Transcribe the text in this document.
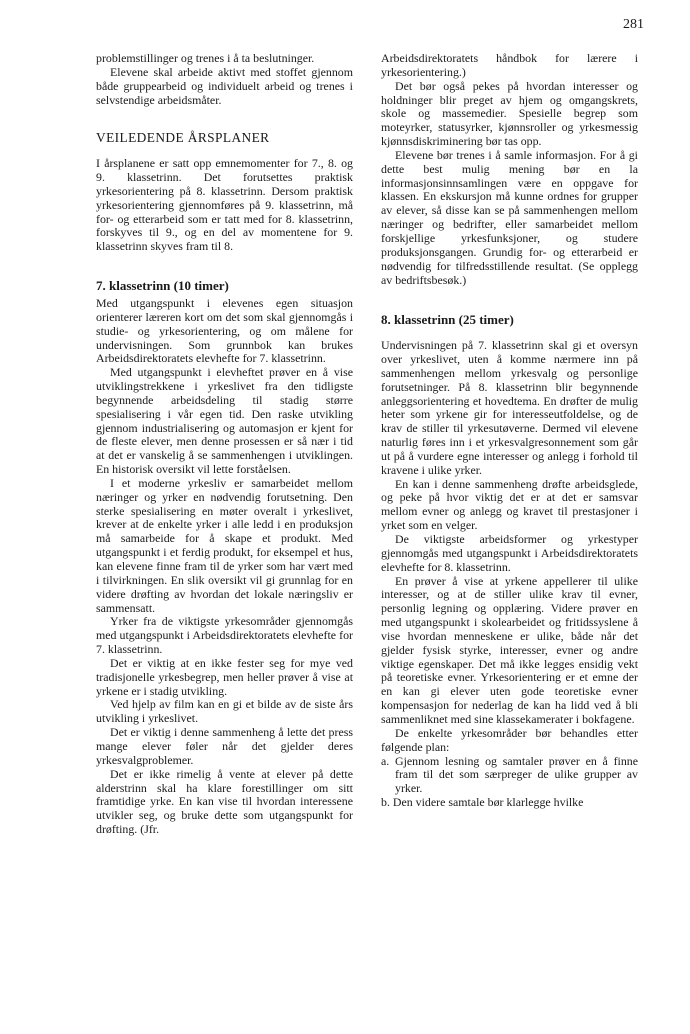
281

problemstillinger og trenes i å ta beslutninger.

Elevene skal arbeide aktivt med stoffet gjennom både gruppearbeid og individuelt arbeid og trenes i selvstendige arbeidsmåter.

VEILEDENDE ÅRSPLANER

I årsplanene er satt opp emnemomenter for 7., 8. og 9. klassetrinn. Det forutsettes praktisk yrkesorientering på 8. klassetrinn. Dersom praktisk yrkesorientering gjennomføres på 9. klassetrinn, må for- og etterarbeid som er tatt med for 8. klassetrinn, forskyves til 9., og en del av momentene for 9. klassetrinn skyves fram til 8.

7. klassetrinn (10 timer)

Med utgangspunkt i elevenes egen situasjon orienterer læreren kort om det som skal gjennomgås i studie- og yrkesorientering, og om målene for undervisningen. Som grunnbok kan brukes Arbeidsdirektoratets elevhefte for 7. klassetrinn.

Med utgangspunkt i elevheftet prøver en å vise utviklingstrekkene i yrkeslivet fra den tidligste begynnende arbeidsdeling til stadig større spesialisering i vår egen tid. Den raske utvikling gjennom industrialisering og automasjon er kjent for de fleste elever, men denne prosessen er så nær i tid at det er vanskelig å se sammenhengen i utviklingen. En historisk oversikt vil lette forståelsen.

I et moderne yrkesliv er samarbeidet mellom næringer og yrker en nødvendig forutsetning. Den sterke spesialisering en møter overalt i yrkeslivet, krever at de enkelte yrker i alle ledd i en produksjon må samarbeide for å skape et produkt. Med utgangspunkt i et ferdig produkt, for eksempel et hus, kan elevene finne fram til de yrker som har vært med i tilvirkningen. En slik oversikt vil gi grunnlag for en videre drøfting av hvordan det lokale næringsliv er sammensatt.

Yrker fra de viktigste yrkesområder gjennomgås med utgangspunkt i Arbeidsdirektoratets elevhefte for 7. klassetrinn.

Det er viktig at en ikke fester seg for mye ved tradisjonelle yrkesbegrep, men heller prøver å vise at yrkene er i stadig utvikling.

Ved hjelp av film kan en gi et bilde av de siste års utvikling i yrkeslivet.

Det er viktig i denne sammenheng å lette det press mange elever føler når det gjelder deres yrkesvalgproblemer.

Det er ikke rimelig å vente at elever på dette alderstrinn skal ha klare forestillinger om sitt framtidige yrke. En kan vise til hvordan interessene utvikler seg, og bruke dette som utgangspunkt for drøfting. (Jfr.

Arbeidsdirektoratets håndbok for lærere i yrkesorientering.)

Det bør også pekes på hvordan interesser og holdninger blir preget av hjem og omgangskrets, skole og massemedier. Spesielle begrep som moteyrker, statusyrker, kjønnsroller og yrkesmessig kjønnsdiskriminering bør tas opp.

Elevene bør trenes i å samle informasjon. For å gi dette best mulig mening bør en la informasjonsinnsamlingen være en oppgave for klassen. En ekskursjon må kunne ordnes for grupper av elever, så disse kan se på sammenhengen mellom næringer og bedrifter, eller samarbeidet mellom forskjellige yrkesfunksjoner, og studere produksjonsgangen. Grundig for- og etterarbeid er nødvendig for tilfredsstillende resultat. (Se opplegg av bedriftsbesøk.)

8. klassetrinn (25 timer)

Undervisningen på 7. klassetrinn skal gi et oversyn over yrkeslivet, uten å komme nærmere inn på sammenhengen mellom yrkesvalg og personlige forutsetninger. På 8. klassetrinn blir begynnende anleggsorientering et hovedtema. En drøfter de mulig heter som yrkene gir for interesseutfoldelse, og de krav de stiller til yrkesutøverne. Dermed vil elevene naturlig føres inn i et yrkesvalgresonnement som går ut på å vurdere egne interesser og anlegg i forhold til kravene i ulike yrker.

En kan i denne sammenheng drøfte arbeidsglede, og peke på hvor viktig det er at det er samsvar mellom evner og anlegg og kravet til prestasjoner i yrket som en velger.

De viktigste arbeidsformer og yrkestyper gjennomgås med utgangspunkt i Arbeidsdirektoratets elevhefte for 8. klassetrinn.

En prøver å vise at yrkene appellerer til ulike interesser, og at de stiller ulike krav til evner, personlig legning og opplæring. Videre prøver en med utgangspunkt i skolearbeidet og fritidssyslene å vise hvordan menneskene er ulike, både når det gjelder fysisk styrke, interesser, evner og andre viktige egenskaper. Det må ikke legges ensidig vekt på teoretiske evner. Yrkesorientering er et emne der en kan gi elever uten gode teoretiske evner kompensasjon for nederlag de kan ha lidd ved å bli sammenliknet med sine klassekamerater i bokfagene.

De enkelte yrkesområder bør behandles etter følgende plan:

a. Gjennom lesning og samtaler prøver en å finne fram til det som særpreger de ulike grupper av yrker.
b. Den videre samtale bør klarlegge hvilke
